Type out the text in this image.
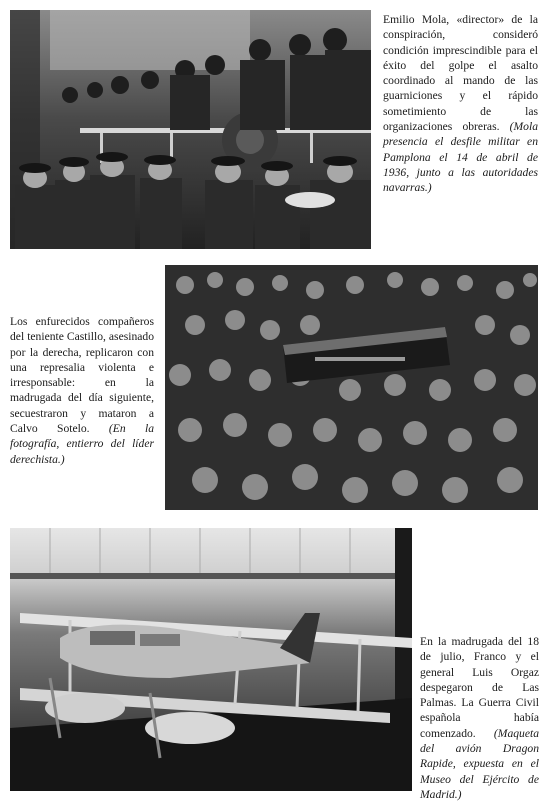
Emilio Mola, «director» de la conspiración, consideró condición imprescindible para el éxito del golpe el asalto coordinado al mando de las guarniciones y el rápido sometimiento de las organizaciones obreras. (Mola presencia el desfile militar en Pamplona el 14 de abril de 1936, junto a las autoridades navarras.)
Los enfurecidos compañeros del teniente Castillo, asesinado por la derecha, replicaron con una represalia violenta e irresponsable: en la madrugada del día siguiente, secuestraron y mataron a Calvo Sotelo. (En la fotografía, entierro del líder derechista.)
En la madrugada del 18 de julio, Franco y el general Luis Orgaz despegaron de Las Palmas. La Guerra Civil española había comenzado. (Maqueta del avión Dragon Rapide, expuesta en el Museo del Ejército de Madrid.)
